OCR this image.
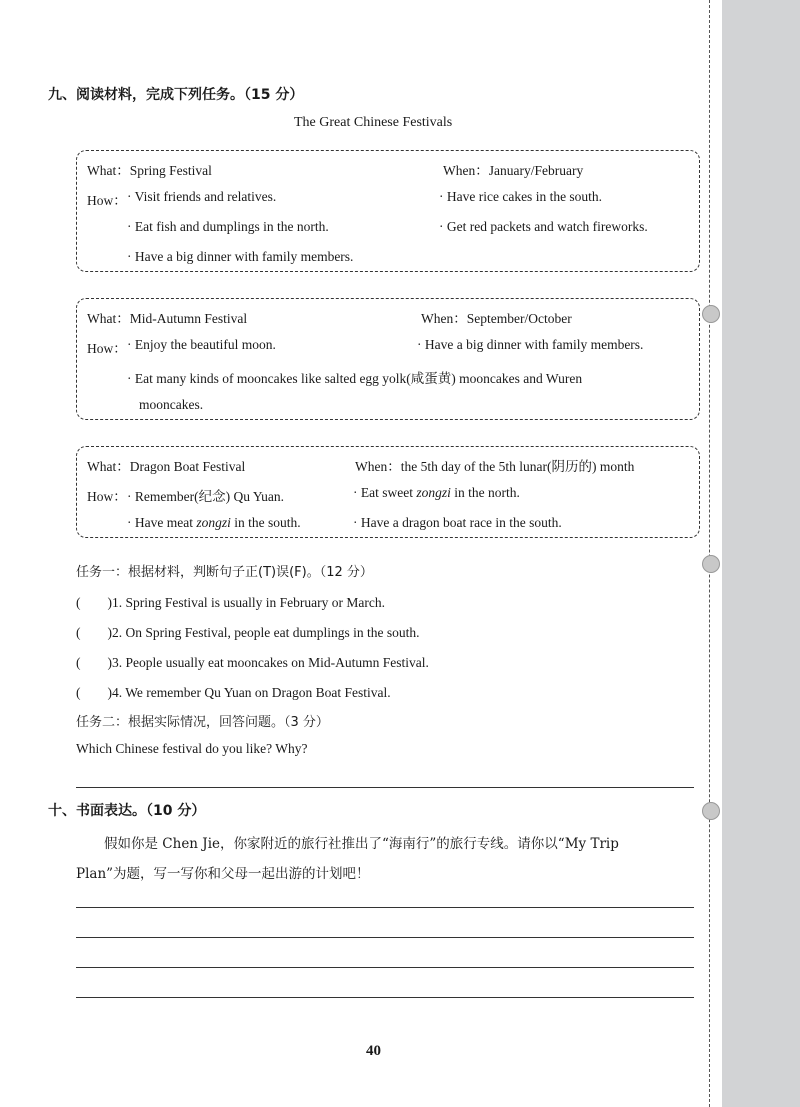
九、阅读材料，完成下列任务。（15 分）
The Great Chinese Festivals
What：Spring Festival	When：January/February
How： · Visit friends and relatives.	· Have rice cakes in the south.
· Eat fish and dumplings in the north.	· Get red packets and watch fireworks.
· Have a big dinner with family members.
What：Mid-Autumn Festival	When：September/October
How： · Enjoy the beautiful moon.	· Have a big dinner with family members.
· Eat many kinds of mooncakes like salted egg yolk(咸蛋黄) mooncakes and Wuren
mooncakes.
What：Dragon Boat Festival	When：the 5th day of the 5th lunar(阴历的) month
How： · Remember(纪念) Qu Yuan.	· Eat sweet zongzi in the north.
· Have meat zongzi in the south.	· Have a dragon boat race in the south.
任务一：根据材料，判断句子正(T)误(F)。（12 分）
(　　)1. Spring Festival is usually in February or March.
(　　)2. On Spring Festival, people eat dumplings in the south.
(　　)3. People usually eat mooncakes on Mid-Autumn Festival.
(　　)4. We remember Qu Yuan on Dragon Boat Festival.
任务二：根据实际情况，回答问题。（3 分）
Which Chinese festival do you like? Why?
十、书面表达。（10 分）
假如你是 Chen Jie，你家附近的旅行社推出了“海南行”的旅行专线。请你以“My Trip
Plan”为题，写一写你和父母一起出游的计划吧！
40
